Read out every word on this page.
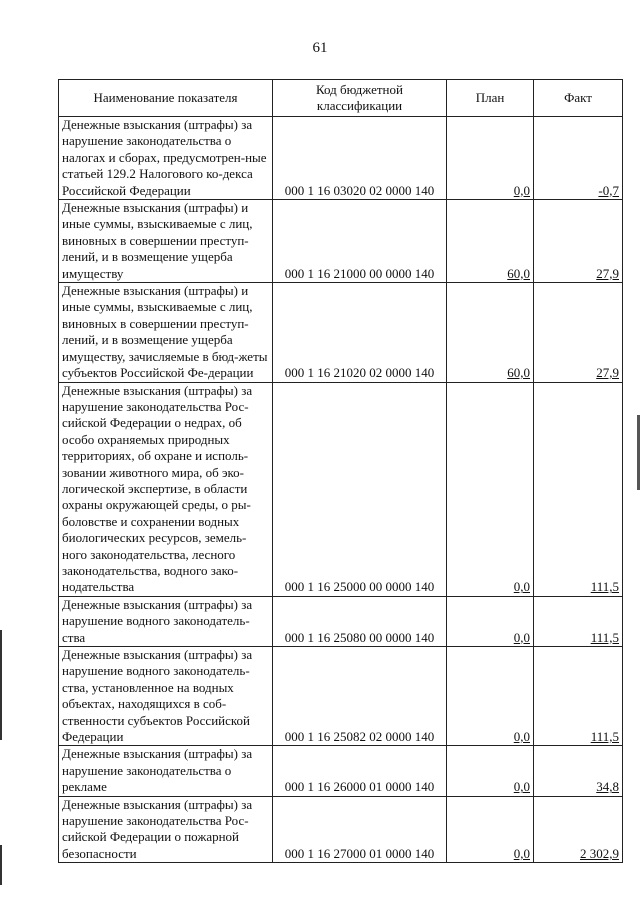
61
Наименование показателя	Код бюджетной классификации	План	Факт
Денежные взыскания (штрафы) за нарушение законодательства о налогах и сборах, предусмотрен-ные статьей 129.2 Налогового ко-декса Российской Федерации	000 1 16 03020 02 0000 140	0,0	-0,7
Денежные взыскания (штрафы) и иные суммы, взыскиваемые с лиц, виновных в совершении преступ-лений, и в возмещение ущерба имуществу	000 1 16 21000 00 0000 140	60,0	27,9
Денежные взыскания (штрафы) и иные суммы, взыскиваемые с лиц, виновных в совершении преступ-лений, и в возмещение ущерба имуществу, зачисляемые в бюд-жеты субъектов Российской Фе-дерации	000 1 16 21020 02 0000 140	60,0	27,9
Денежные взыскания (штрафы) за нарушение законодательства Рос-сийской Федерации о недрах, об особо охраняемых природных территориях, об охране и исполь-зовании животного мира, об эко-логической экспертизе, в области охраны окружающей среды, о ры-боловстве и сохранении водных биологических ресурсов, земель-ного законодательства, лесного законодательства, водного зако-нодательства	000 1 16 25000 00 0000 140	0,0	111,5
Денежные взыскания (штрафы) за нарушение водного законодатель-ства	000 1 16 25080 00 0000 140	0,0	111,5
Денежные взыскания (штрафы) за нарушение водного законодатель-ства, установленное на водных объектах, находящихся в соб-ственности субъектов Российской Федерации	000 1 16 25082 02 0000 140	0,0	111,5
Денежные взыскания (штрафы) за нарушение законодательства о рекламе	000 1 16 26000 01 0000 140	0,0	34,8
Денежные взыскания (штрафы) за нарушение законодательства Рос-сийской Федерации о пожарной безопасности	000 1 16 27000 01 0000 140	0,0	2 302,9
